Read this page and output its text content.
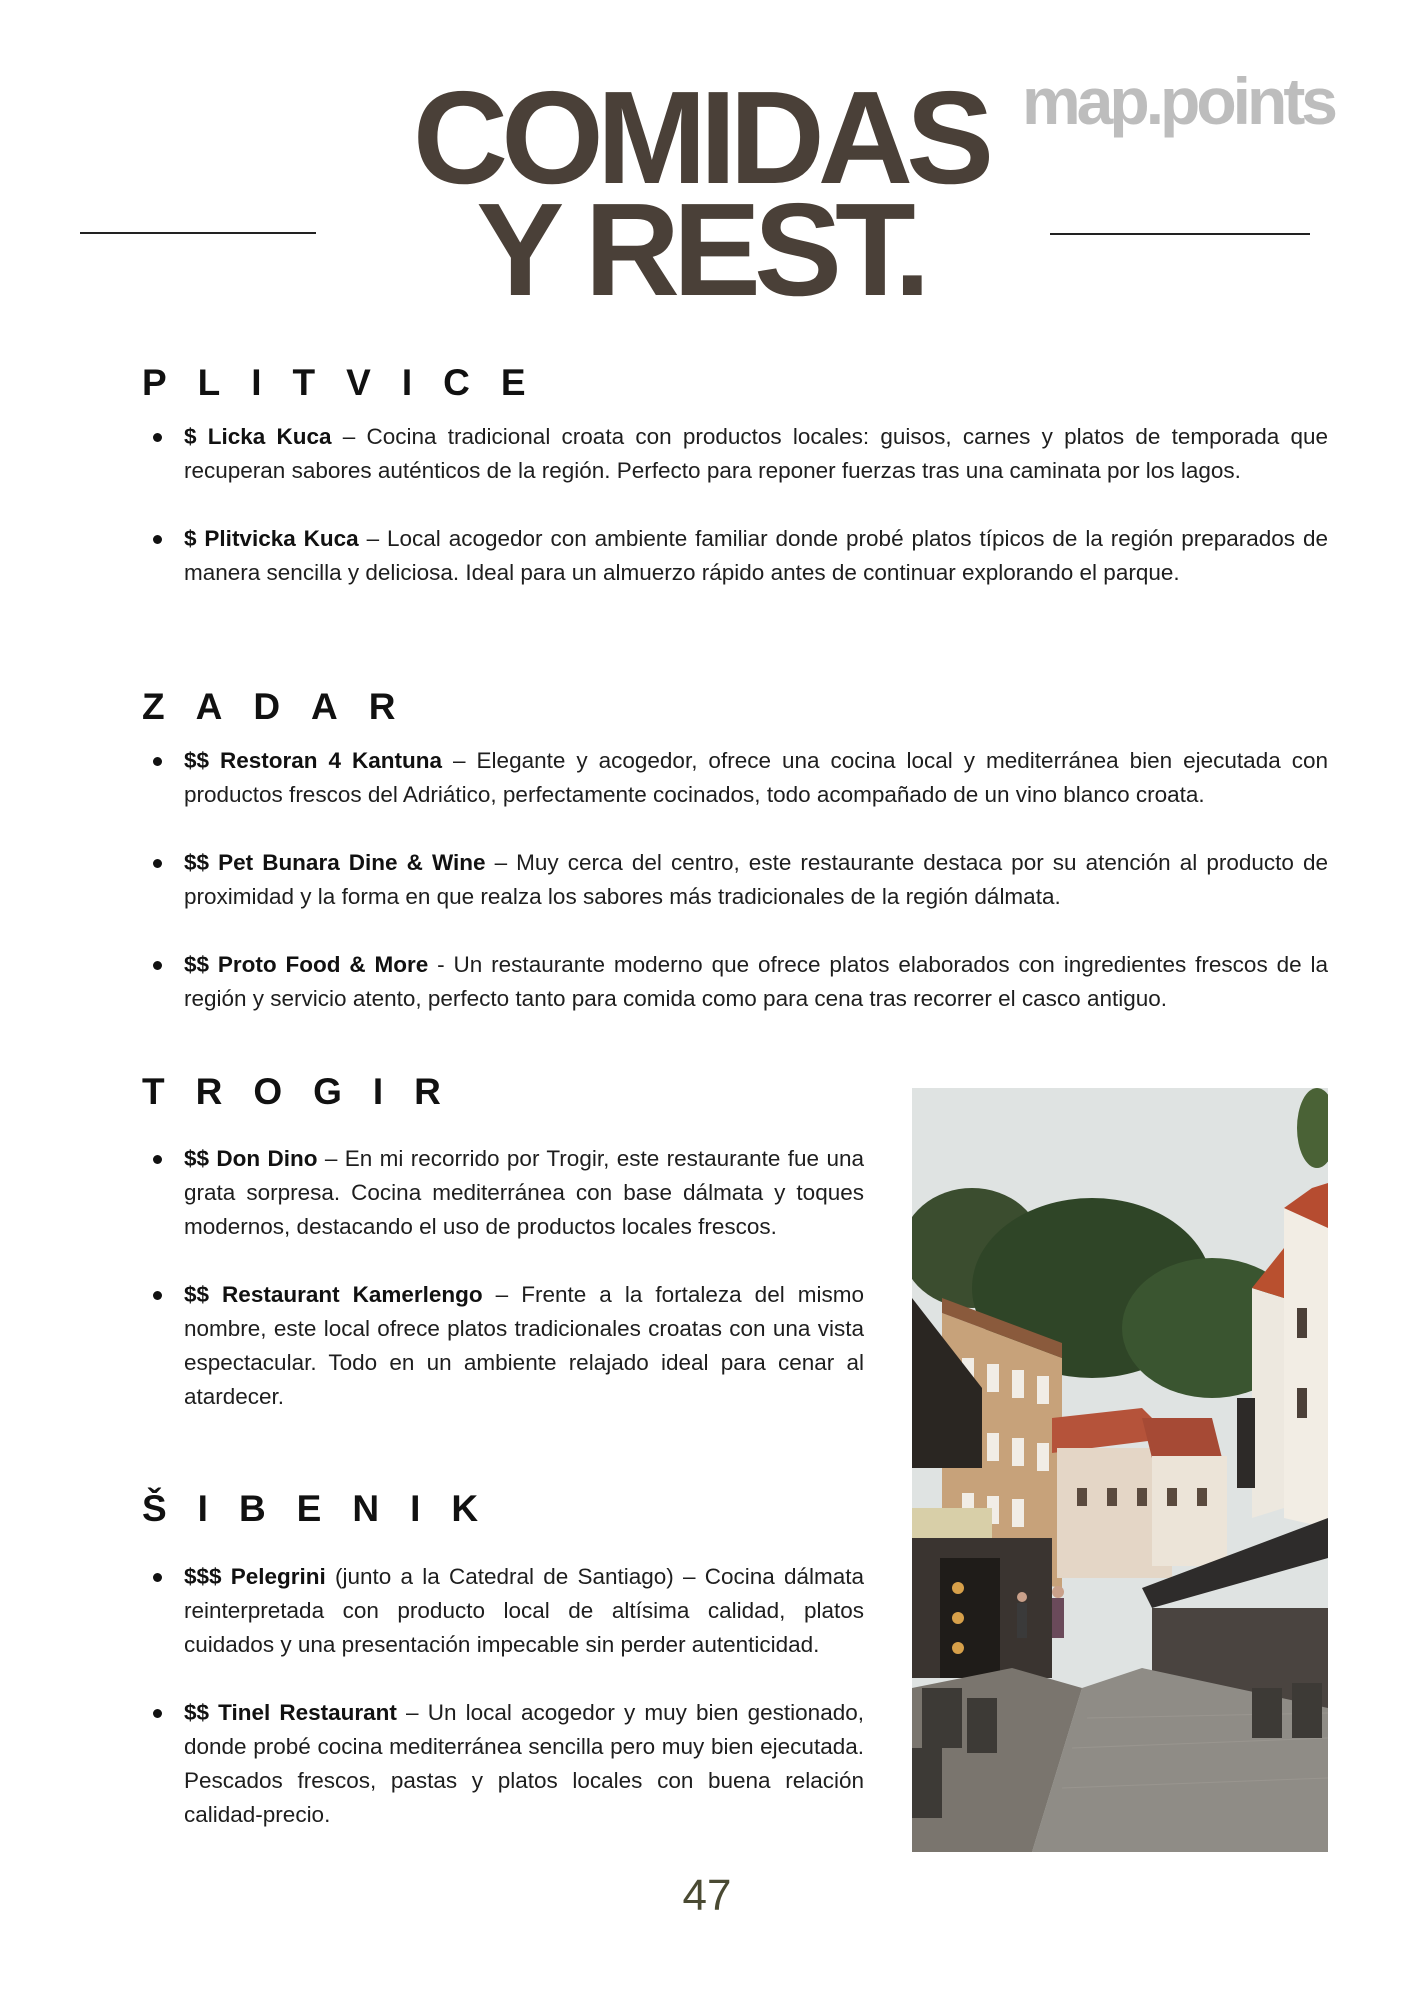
map.points
COMIDAS
Y REST.
PLITVICE
$ Licka Kuca – Cocina tradicional croata con productos locales: guisos, carnes y platos de temporada que recuperan sabores auténticos de la región. Perfecto para reponer fuerzas tras una caminata por los lagos.
$ Plitvicka Kuca – Local acogedor con ambiente familiar donde probé platos típicos de la región preparados de manera sencilla y deliciosa. Ideal para un almuerzo rápido antes de continuar explorando el parque.
ZADAR
$$ Restoran 4 Kantuna – Elegante y acogedor, ofrece una cocina local y mediterránea bien ejecutada con productos frescos del Adriático, perfectamente cocinados, todo acompañado de un vino blanco croata.
$$ Pet Bunara Dine & Wine – Muy cerca del centro, este restaurante destaca por su atención al producto de proximidad y la forma en que realza los sabores más tradicionales de la región dálmata.
$$ Proto Food & More - Un restaurante moderno que ofrece platos elaborados con ingredientes frescos de la región y servicio atento, perfecto tanto para comida como para cena tras recorrer el casco antiguo.
TROGIR
$$ Don Dino – En mi recorrido por Trogir, este restaurante fue una grata sorpresa. Cocina mediterránea con base dálmata y toques modernos, destacando el uso de productos locales frescos.
$$ Restaurant Kamerlengo – Frente a la fortaleza del mismo nombre, este local ofrece platos tradicionales croatas con una vista espectacular. Todo en un ambiente relajado ideal para cenar al atardecer.
ŠIBENIK
$$$ Pelegrini (junto a la Catedral de Santiago) – Cocina dálmata reinterpretada con producto local de altísima calidad, platos cuidados y una presentación impecable sin perder autenticidad.
$$ Tinel Restaurant – Un local acogedor y muy bien gestionado, donde probé cocina mediterránea sencilla pero muy bien ejecutada. Pescados frescos, pastas y platos locales con buena relación calidad-precio.
47
